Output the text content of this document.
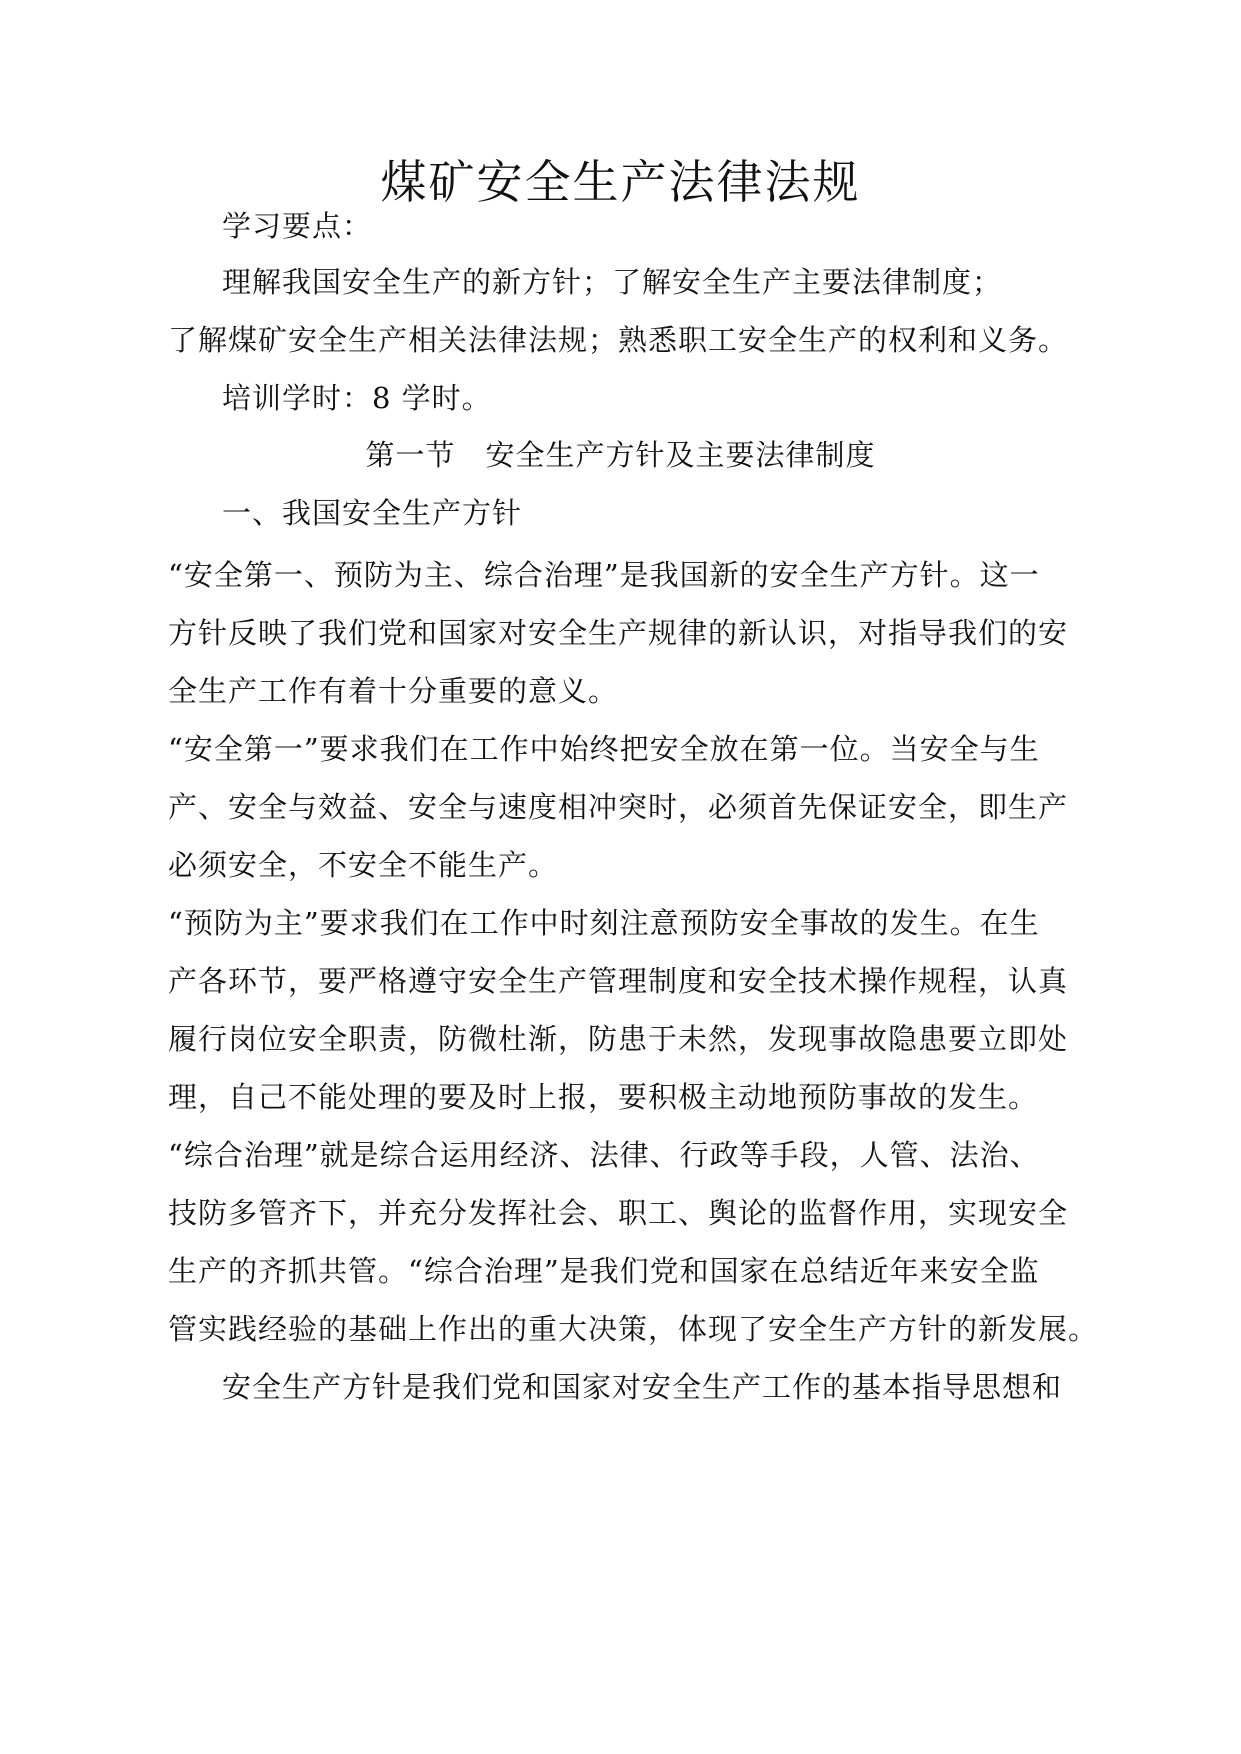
煤矿安全生产法律法规
学习要点：
理解我国安全生产的新方针；了解安全生产主要法律制度；
了解煤矿安全生产相关法律法规；熟悉职工安全生产的权利和义务。
培训学时：8 学时。
第一节 安全生产方针及主要法律制度
一、我国安全生产方针
“安全第一、预防为主、综合治理”是我国新的安全生产方针。这一
方针反映了我们党和国家对安全生产规律的新认识，对指导我们的安
全生产工作有着十分重要的意义。
“安全第一”要求我们在工作中始终把安全放在第一位。当安全与生
产、安全与效益、安全与速度相冲突时，必须首先保证安全，即生产
必须安全，不安全不能生产。
“预防为主”要求我们在工作中时刻注意预防安全事故的发生。在生
产各环节，要严格遵守安全生产管理制度和安全技术操作规程，认真
履行岗位安全职责，防微杜渐，防患于未然，发现事故隐患要立即处
理，自己不能处理的要及时上报，要积极主动地预防事故的发生。
“综合治理”就是综合运用经济、法律、行政等手段，人管、法治、
技防多管齐下，并充分发挥社会、职工、舆论的监督作用，实现安全
生产的齐抓共管。“综合治理”是我们党和国家在总结近年来安全监
管实践经验的基础上作出的重大决策，体现了安全生产方针的新发展。
安全生产方针是我们党和国家对安全生产工作的基本指导思想和
